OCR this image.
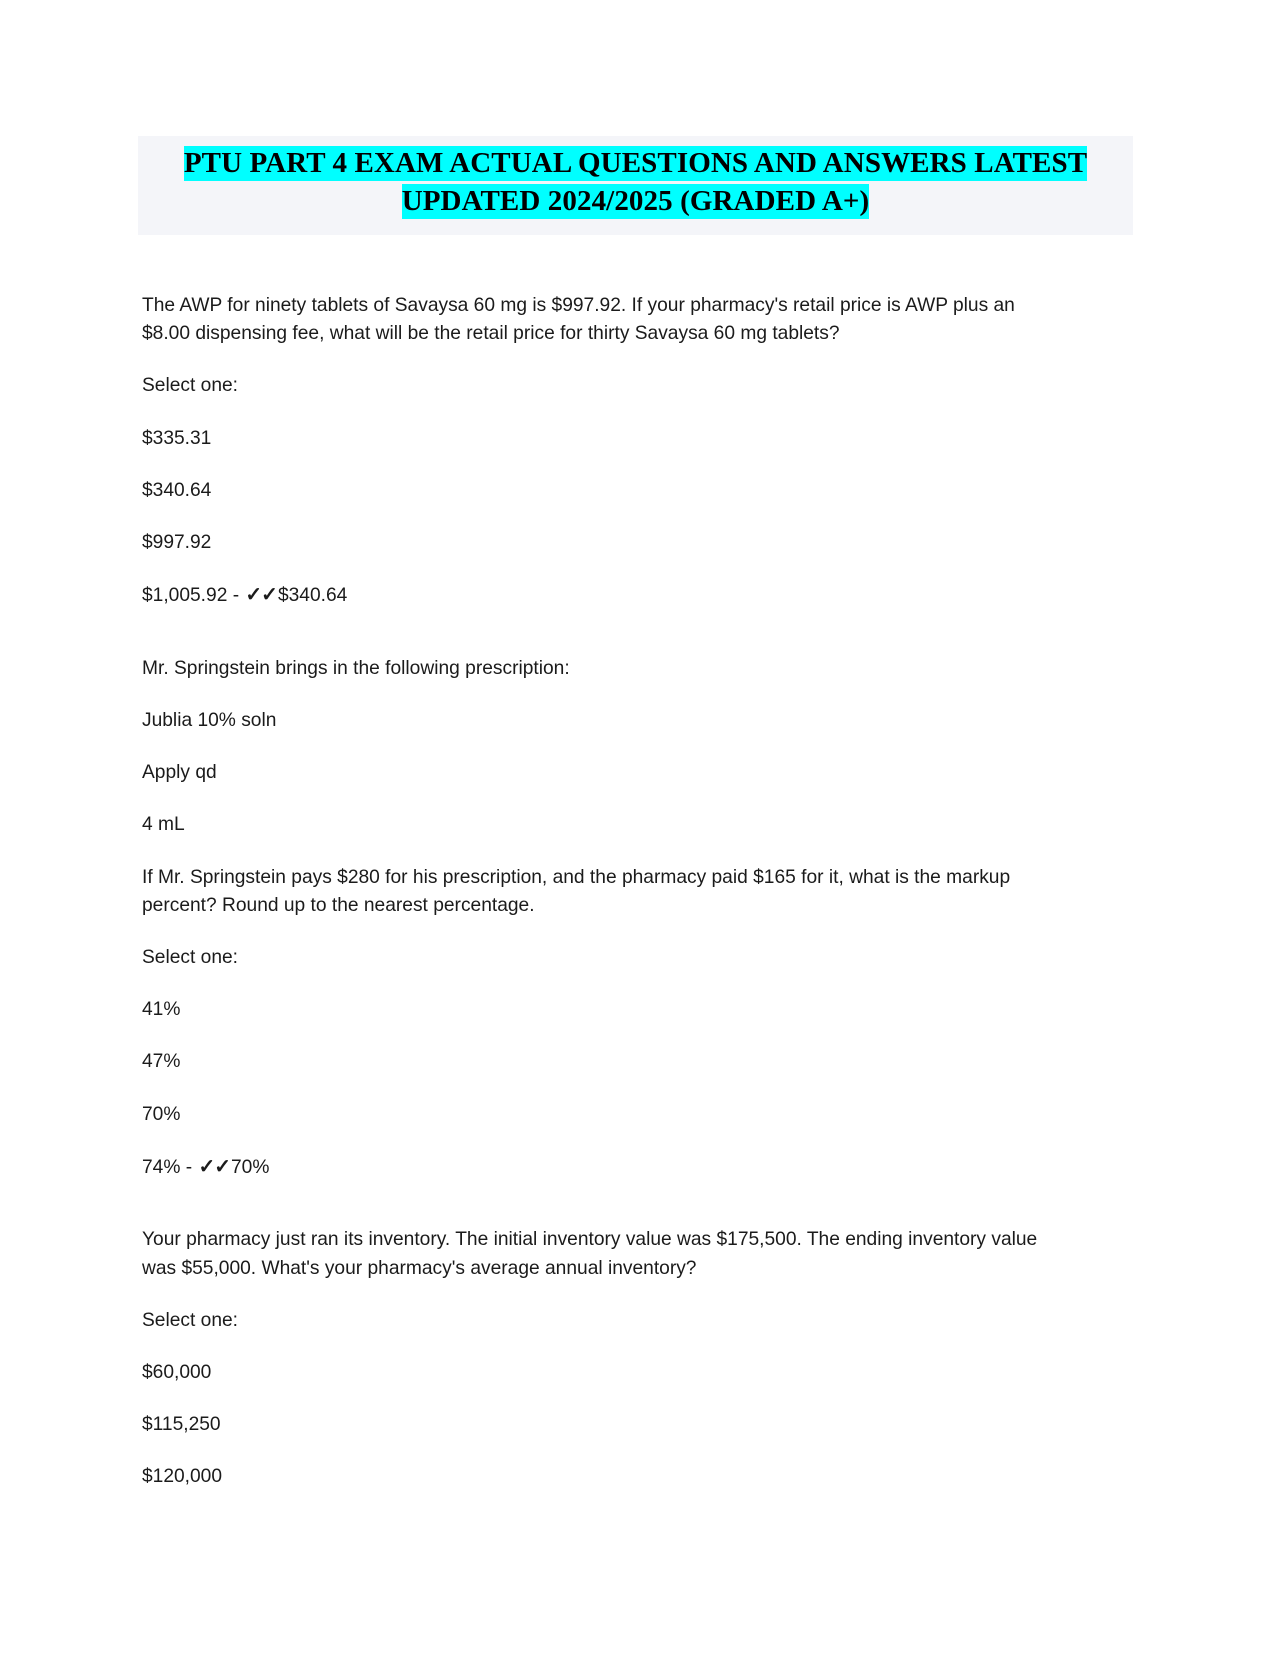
PTU PART 4 EXAM ACTUAL QUESTIONS AND ANSWERS LATEST
UPDATED 2024/2025 (GRADED A+)

The AWP for ninety tablets of Savaysa 60 mg is $997.92. If your pharmacy's retail price is AWP plus an $8.00 dispensing fee, what will be the retail price for thirty Savaysa 60 mg tablets?

Select one:

$335.31

$340.64

$997.92

$1,005.92 - ✓✓$340.64

Mr. Springstein brings in the following prescription:

Jublia 10% soln

Apply qd

4 mL

If Mr. Springstein pays $280 for his prescription, and the pharmacy paid $165 for it, what is the markup percent? Round up to the nearest percentage.

Select one:

41%

47%

70%

74% - ✓✓70%

Your pharmacy just ran its inventory. The initial inventory value was $175,500. The ending inventory value was $55,000. What's your pharmacy's average annual inventory?

Select one:

$60,000

$115,250

$120,000
